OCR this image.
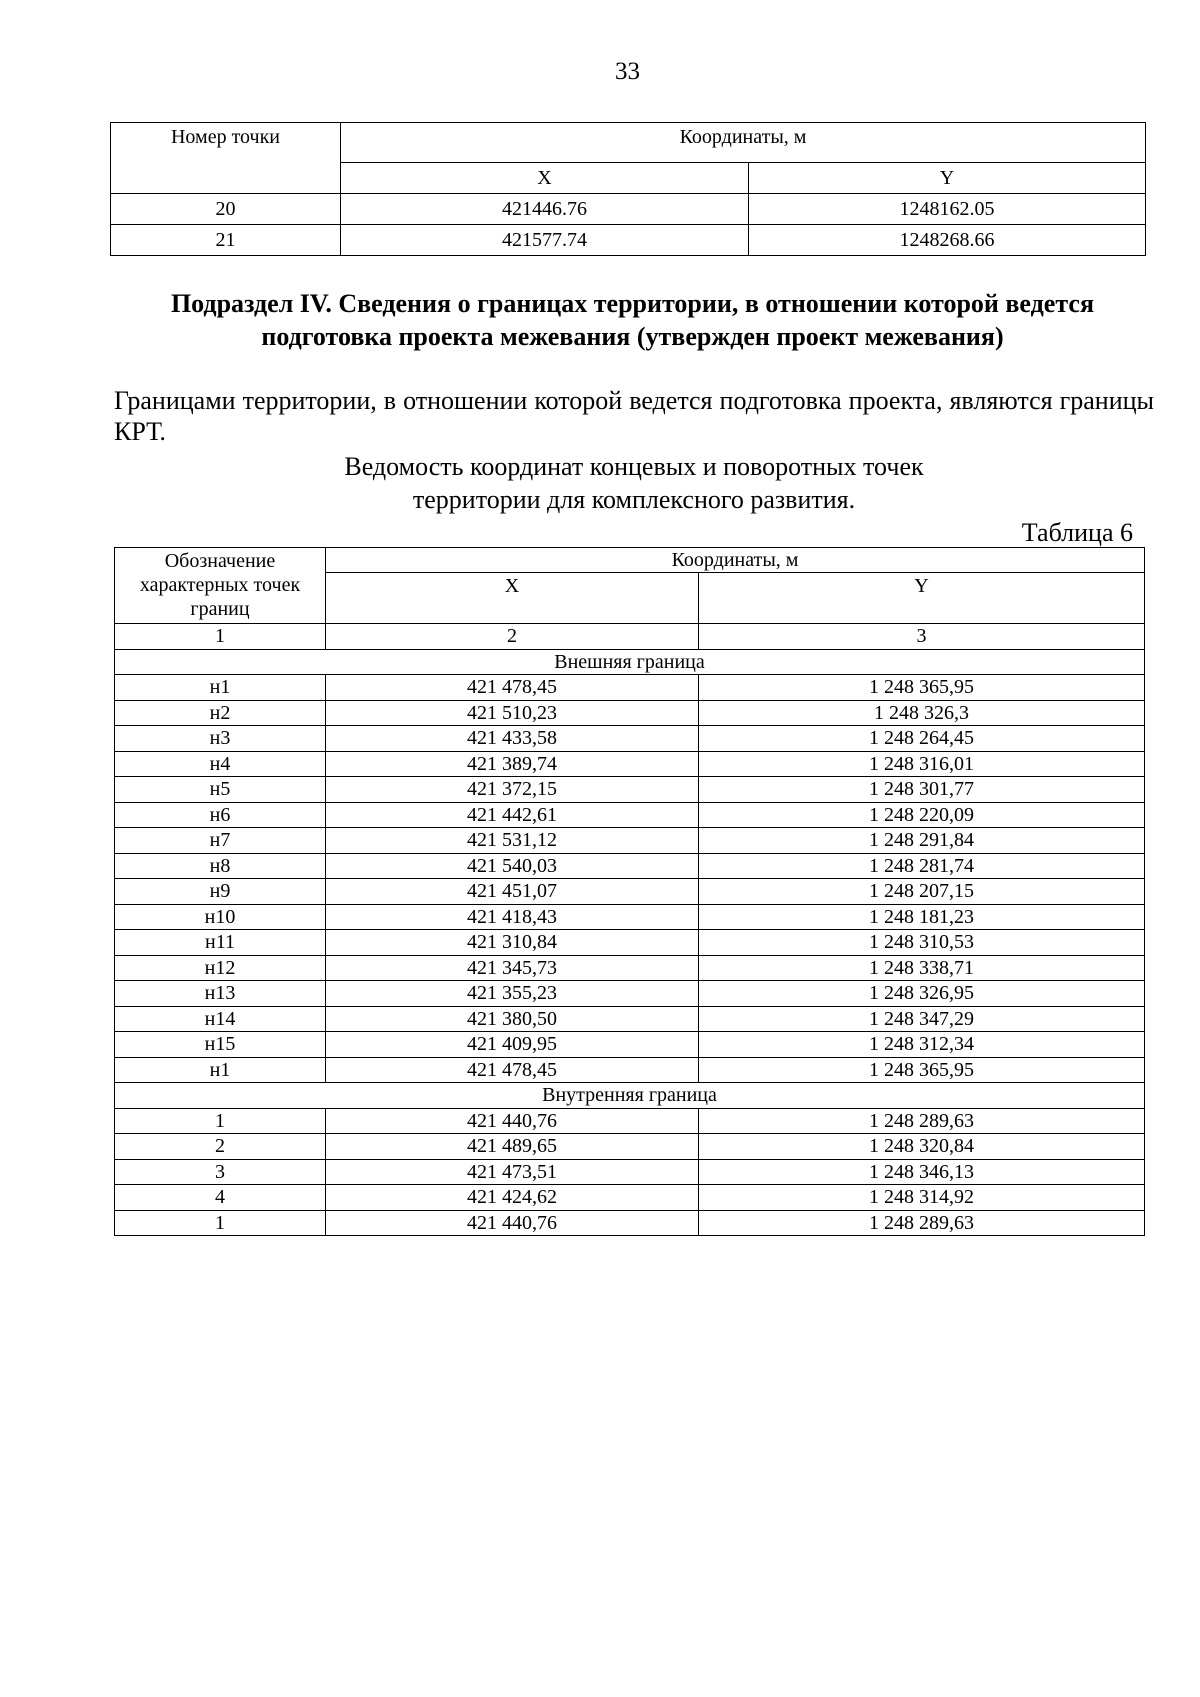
33
Номер точки	Координаты, м	
	X	Y
20	421446.76	1248162.05
21	421577.74	1248268.66
Подраздел IV. Сведения о границах территории, в отношении которой ведется подготовка проекта межевания (утвержден проект межевания)
Границами территории, в отношении которой ведется подготовка проекта, являются границы КРТ.
Ведомость координат концевых и поворотных точек
территории для комплексного развития.
Таблица 6
Обозначение характерных точек границ	Координаты, м	
	X	Y
1	2	3
Внешняя граница		
н1	421 478,45	1 248 365,95
н2	421 510,23	1 248 326,3
н3	421 433,58	1 248 264,45
н4	421 389,74	1 248 316,01
н5	421 372,15	1 248 301,77
н6	421 442,61	1 248 220,09
н7	421 531,12	1 248 291,84
н8	421 540,03	1 248 281,74
н9	421 451,07	1 248 207,15
н10	421 418,43	1 248 181,23
н11	421 310,84	1 248 310,53
н12	421 345,73	1 248 338,71
н13	421 355,23	1 248 326,95
н14	421 380,50	1 248 347,29
н15	421 409,95	1 248 312,34
н1	421 478,45	1 248 365,95
Внутренняя граница		
1	421 440,76	1 248 289,63
2	421 489,65	1 248 320,84
3	421 473,51	1 248 346,13
4	421 424,62	1 248 314,92
1	421 440,76	1 248 289,63
